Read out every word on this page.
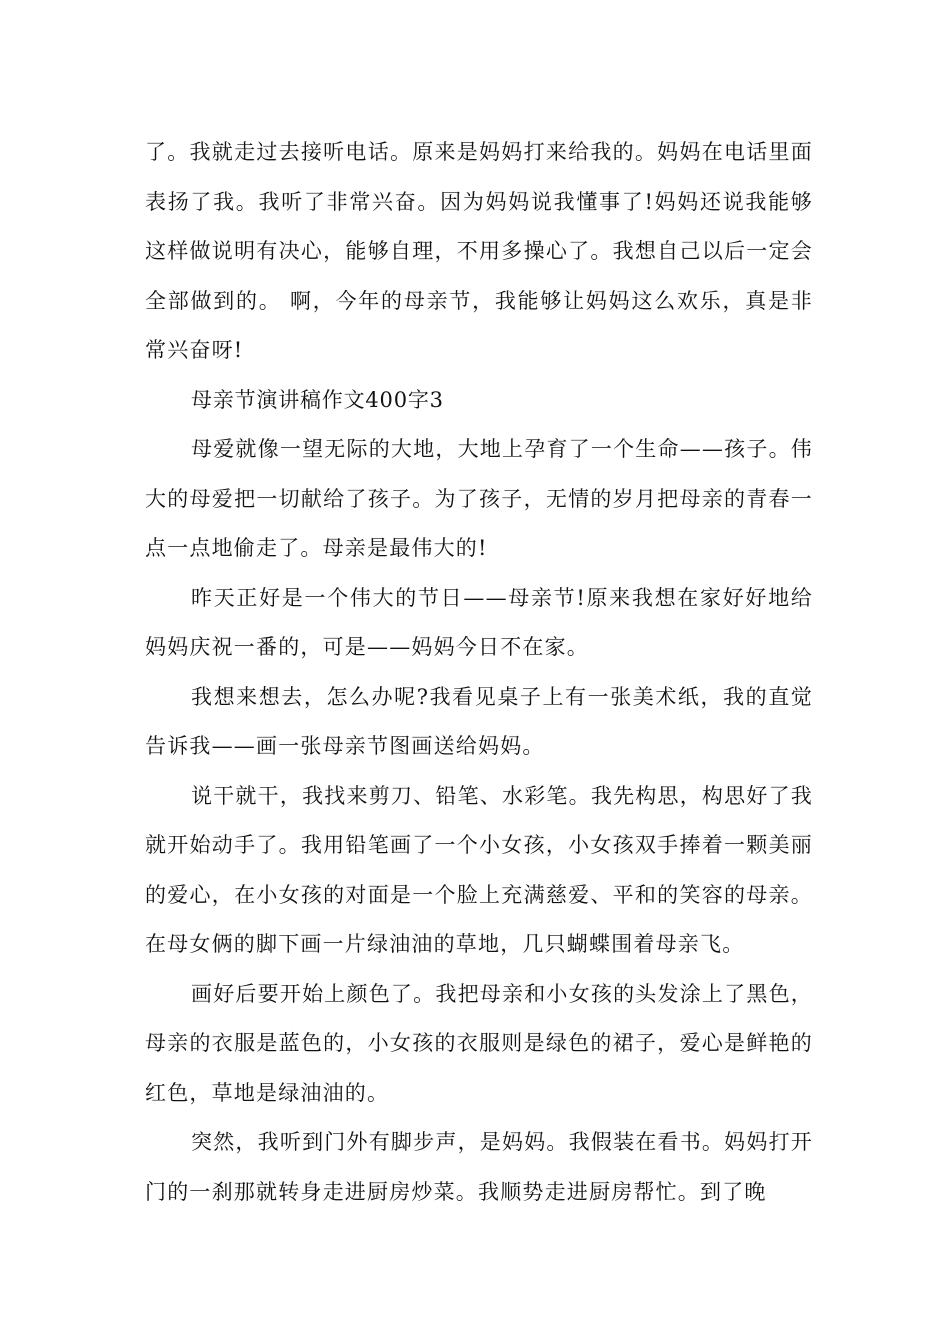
了。我就走过去接听电话。原来是妈妈打来给我的。妈妈在电话里面表扬了我。我听了非常兴奋。因为妈妈说我懂事了!妈妈还说我能够这样做说明有决心，能够自理，不用多操心了。我想自己以后一定会全部做到的。 啊，今年的母亲节，我能够让妈妈这么欢乐，真是非常兴奋呀!

母亲节演讲稿作文400字3

母爱就像一望无际的大地，大地上孕育了一个生命——孩子。伟大的母爱把一切献给了孩子。为了孩子，无情的岁月把母亲的青春一点一点地偷走了。母亲是最伟大的!

昨天正好是一个伟大的节日——母亲节!原来我想在家好好地给妈妈庆祝一番的，可是——妈妈今日不在家。

我想来想去，怎么办呢?我看见桌子上有一张美术纸，我的直觉告诉我——画一张母亲节图画送给妈妈。

说干就干，我找来剪刀、铅笔、水彩笔。我先构思，构思好了我就开始动手了。我用铅笔画了一个小女孩，小女孩双手捧着一颗美丽的爱心，在小女孩的对面是一个脸上充满慈爱、平和的笑容的母亲。在母女俩的脚下画一片绿油油的草地，几只蝴蝶围着母亲飞。

画好后要开始上颜色了。我把母亲和小女孩的头发涂上了黑色，母亲的衣服是蓝色的，小女孩的衣服则是绿色的裙子，爱心是鲜艳的红色，草地是绿油油的。

突然，我听到门外有脚步声，是妈妈。我假装在看书。妈妈打开门的一刹那就转身走进厨房炒菜。我顺势走进厨房帮忙。到了晚
